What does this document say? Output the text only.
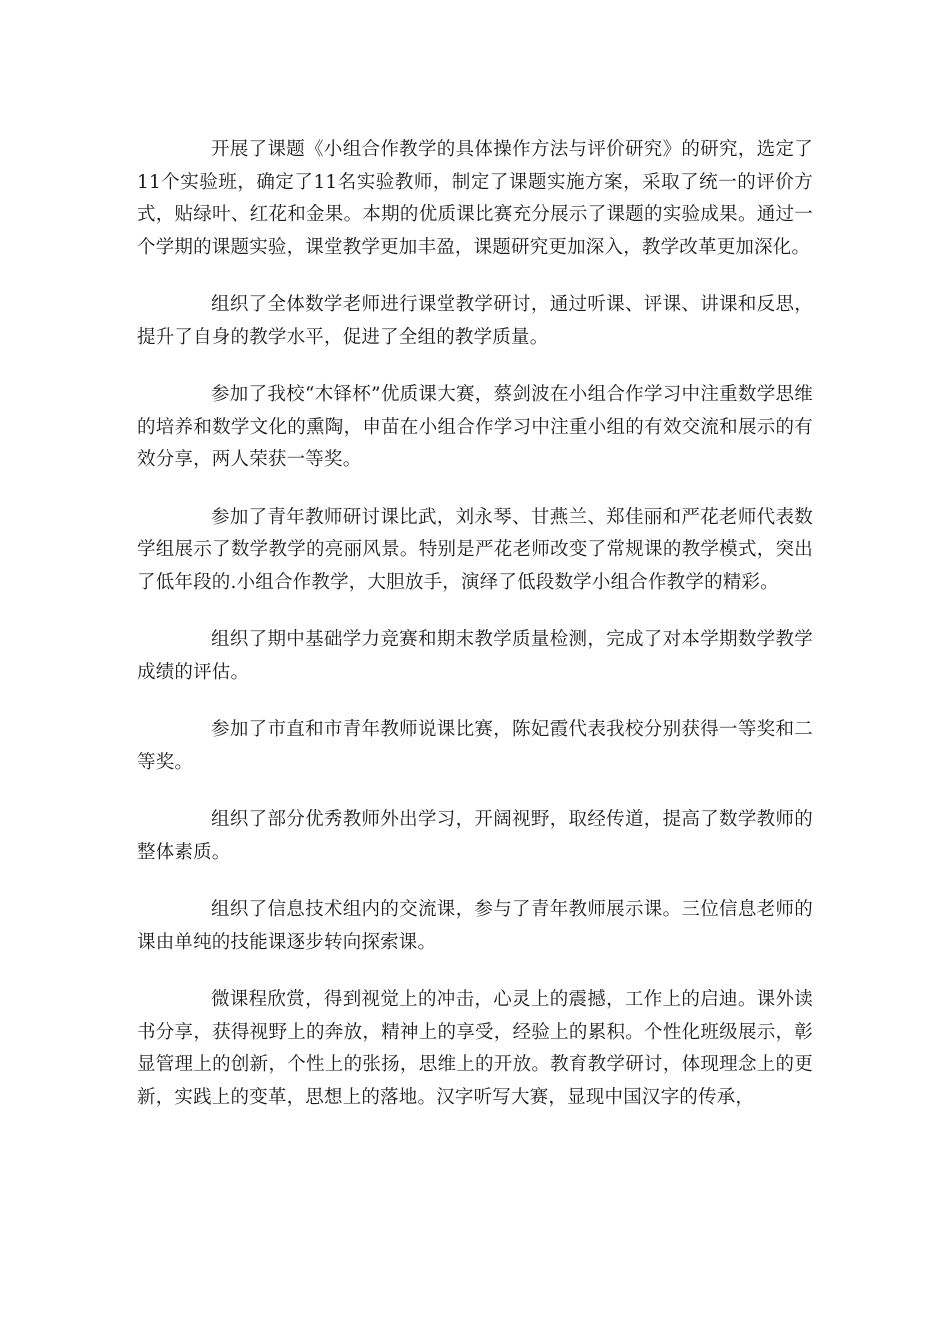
开展了课题《小组合作教学的具体操作方法与评价研究》的研究，选定了11个实验班，确定了11名实验教师，制定了课题实施方案，采取了统一的评价方式，贴绿叶、红花和金果。本期的优质课比赛充分展示了课题的实验成果。通过一个学期的课题实验，课堂教学更加丰盈，课题研究更加深入，教学改革更加深化。

组织了全体数学老师进行课堂教学研讨，通过听课、评课、讲课和反思，提升了自身的教学水平，促进了全组的教学质量。

参加了我校“木铎杯”优质课大赛，蔡剑波在小组合作学习中注重数学思维的培养和数学文化的熏陶，申苗在小组合作学习中注重小组的有效交流和展示的有效分享，两人荣获一等奖。

参加了青年教师研讨课比武，刘永琴、甘燕兰、郑佳丽和严花老师代表数学组展示了数学教学的亮丽风景。特别是严花老师改变了常规课的教学模式，突出了低年段的.小组合作教学，大胆放手，演绎了低段数学小组合作教学的精彩。

组织了期中基础学力竞赛和期末教学质量检测，完成了对本学期数学教学成绩的评估。

参加了市直和市青年教师说课比赛，陈妃霞代表我校分别获得一等奖和二等奖。

组织了部分优秀教师外出学习，开阔视野，取经传道，提高了数学教师的整体素质。

组织了信息技术组内的交流课，参与了青年教师展示课。三位信息老师的课由单纯的技能课逐步转向探索课。

微课程欣赏，得到视觉上的冲击，心灵上的震撼，工作上的启迪。课外读书分享，获得视野上的奔放，精神上的享受，经验上的累积。个性化班级展示，彰显管理上的创新，个性上的张扬，思维上的开放。教育教学研讨，体现理念上的更新，实践上的变革，思想上的落地。汉字听写大赛，显现中国汉字的传承，
